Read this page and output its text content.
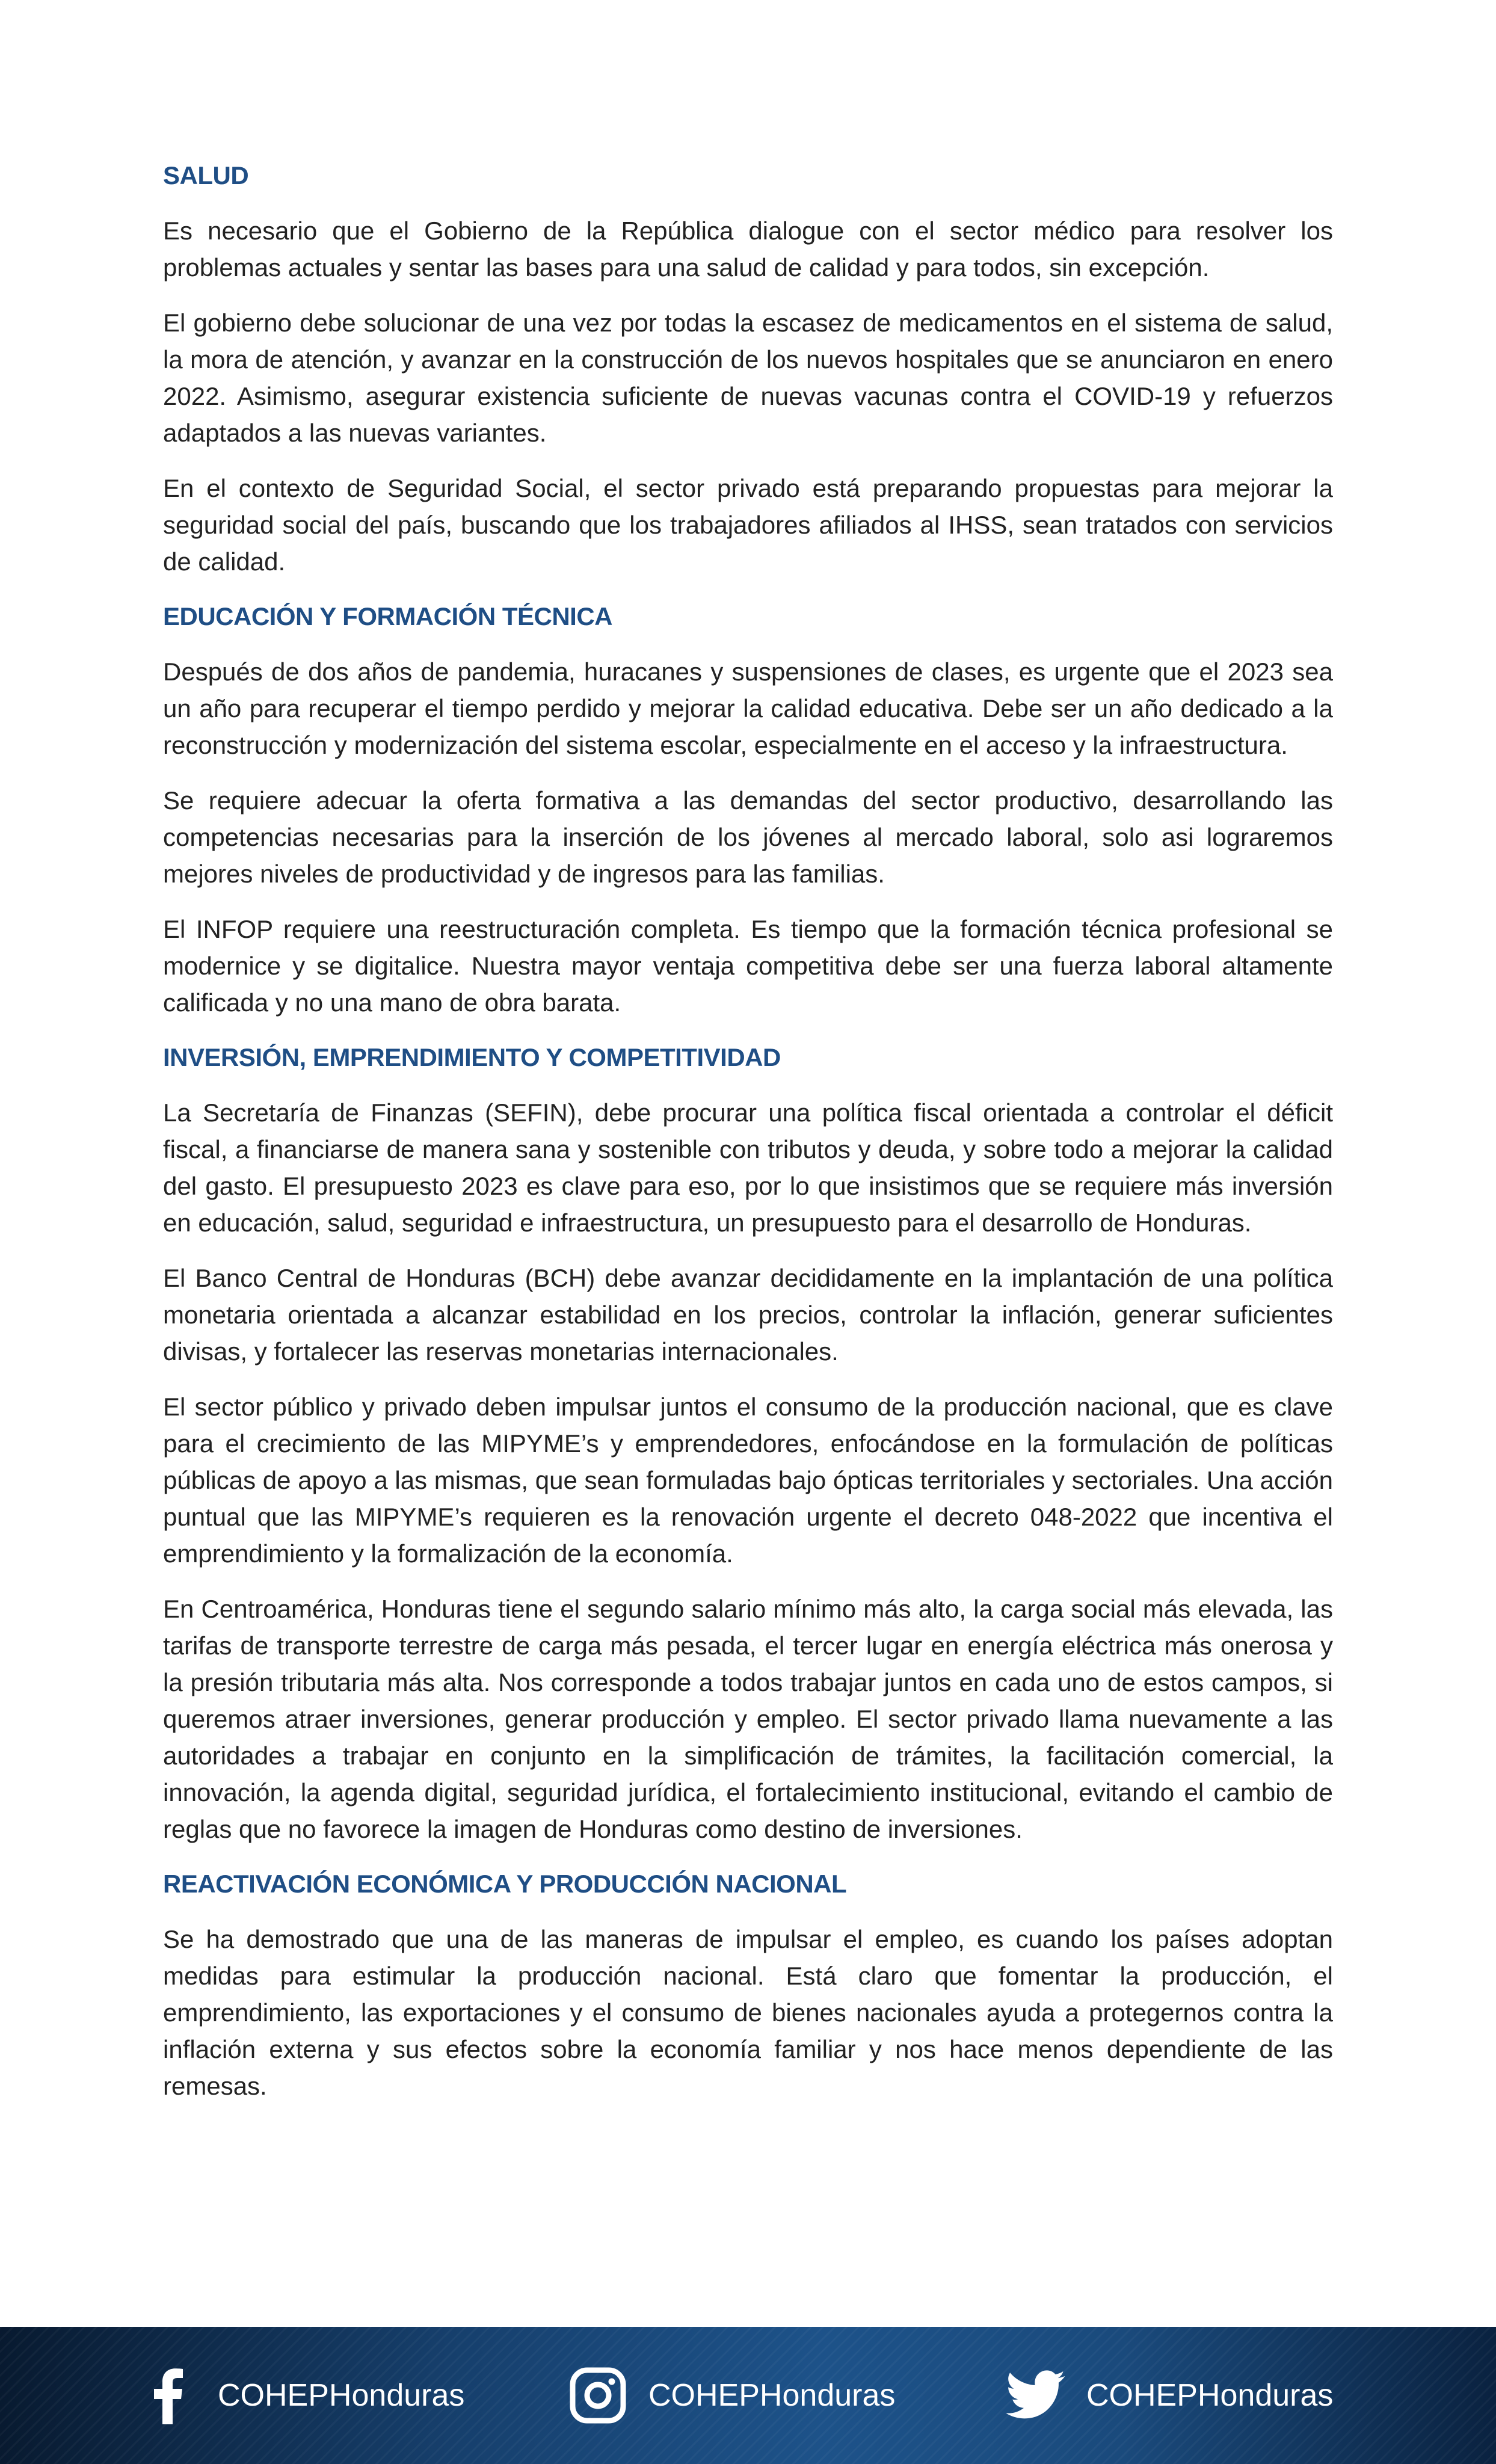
SALUD

Es necesario que el Gobierno de la República dialogue con el sector médico para resolver los problemas actuales y sentar las bases para una salud de calidad y para todos, sin excepción.

El gobierno debe solucionar de una vez por todas la escasez de medicamentos en el sistema de salud, la mora de atención, y avanzar en la construcción de los nuevos hospitales que se anunciaron en enero 2022. Asimismo, asegurar existencia suficiente de nuevas vacunas contra el COVID-19 y refuerzos adaptados a las nuevas variantes.

En el contexto de Seguridad Social, el sector privado está preparando propuestas para mejorar la seguridad social del país, buscando que los trabajadores afiliados al IHSS, sean tratados con servicios de calidad.

EDUCACIÓN Y FORMACIÓN TÉCNICA

Después de dos años de pandemia, huracanes y suspensiones de clases, es urgente que el 2023 sea un año para recuperar el tiempo perdido y mejorar la calidad educativa. Debe ser un año dedicado a la reconstrucción y modernización del sistema escolar, especialmente en el acceso y la infraestructura.

Se requiere adecuar la oferta formativa a las demandas del sector productivo, desarrollando las competencias necesarias para la inserción de los jóvenes al mercado laboral, solo asi lograremos mejores niveles de productividad y de ingresos para las familias.

El INFOP requiere una reestructuración completa. Es tiempo que la formación técnica profesional se modernice y se digitalice. Nuestra mayor ventaja competitiva debe ser una fuerza laboral altamente calificada y no una mano de obra barata.

INVERSIÓN, EMPRENDIMIENTO Y COMPETITIVIDAD

La Secretaría de Finanzas (SEFIN), debe procurar una política fiscal orientada a controlar el déficit fiscal, a financiarse de manera sana y sostenible con tributos y deuda, y sobre todo a mejorar la calidad del gasto. El presupuesto 2023 es clave para eso, por lo que insistimos que se requiere más inversión en educación, salud, seguridad e infraestructura, un presupuesto para el desarrollo de Honduras.

El Banco Central de Honduras (BCH) debe avanzar decididamente en la implantación de una política monetaria orientada a alcanzar estabilidad en los precios, controlar la inflación, generar suficientes divisas, y fortalecer las reservas monetarias internacionales.

El sector público y privado deben impulsar juntos el consumo de la producción nacional, que es clave para el crecimiento de las MIPYME’s y emprendedores, enfocándose en la formulación de políticas públicas de apoyo a las mismas, que sean formuladas bajo ópticas territoriales y sectoriales. Una acción puntual que las MIPYME’s requieren es la renovación urgente el decreto 048-2022 que incentiva el emprendimiento y la formalización de la economía.

En Centroamérica, Honduras tiene el segundo salario mínimo más alto, la carga social más elevada, las tarifas de transporte terrestre de carga más pesada, el tercer lugar en energía eléctrica más onerosa y la presión tributaria más alta. Nos corresponde a todos trabajar juntos en cada uno de estos campos, si queremos atraer inversiones, generar producción y empleo. El sector privado llama nuevamente a las autoridades a trabajar en conjunto en la simplificación de trámites, la facilitación comercial, la innovación, la agenda digital, seguridad jurídica, el fortalecimiento institucional, evitando el cambio de reglas que no favorece la imagen de Honduras como destino de inversiones.

REACTIVACIÓN ECONÓMICA Y PRODUCCIÓN NACIONAL

Se ha demostrado que una de las maneras de impulsar el empleo, es cuando los países adoptan medidas para estimular la producción nacional. Está claro que fomentar la producción, el emprendimiento, las exportaciones y el consumo de bienes nacionales ayuda a protegernos contra la inflación externa y sus efectos sobre la economía familiar y nos hace menos dependiente de las remesas.

COHEPHonduras	COHEPHonduras	COHEPHonduras
